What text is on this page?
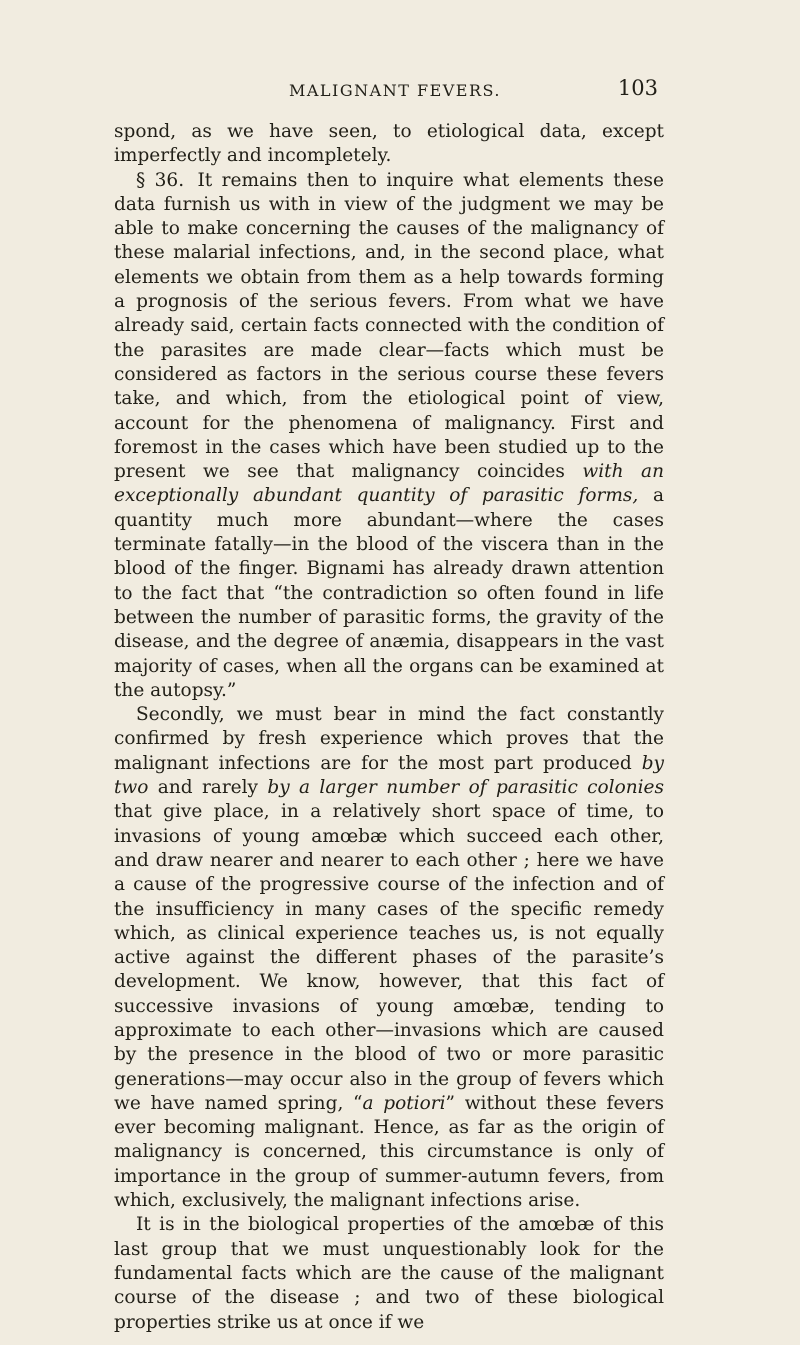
MALIGNANT FEVERS.	103

spond, as we have seen, to etiological data, except imperfectly and incompletely.

§ 36. It remains then to inquire what elements these data furnish us with in view of the judgment we may be able to make concerning the causes of the malignancy of these malarial infections, and, in the second place, what elements we obtain from them as a help towards forming a prognosis of the serious fevers. From what we have already said, certain facts connected with the condition of the parasites are made clear—facts which must be considered as factors in the serious course these fevers take, and which, from the etiological point of view, account for the phenomena of malignancy. First and foremost in the cases which have been studied up to the present we see that malignancy coincides with an exceptionally abundant quantity of parasitic forms, a quantity much more abundant—where the cases terminate fatally—in the blood of the viscera than in the blood of the finger. Bignami has already drawn attention to the fact that “the contradiction so often found in life between the number of parasitic forms, the gravity of the disease, and the degree of anæmia, disappears in the vast majority of cases, when all the organs can be examined at the autopsy.”

Secondly, we must bear in mind the fact constantly confirmed by fresh experience which proves that the malignant infections are for the most part produced by two and rarely by a larger number of parasitic colonies that give place, in a relatively short space of time, to invasions of young amœbæ which succeed each other, and draw nearer and nearer to each other ; here we have a cause of the progressive course of the infection and of the insufficiency in many cases of the specific remedy which, as clinical experience teaches us, is not equally active against the different phases of the parasite’s development. We know, however, that this fact of successive invasions of young amœbæ, tending to approximate to each other—invasions which are caused by the presence in the blood of two or more parasitic generations—may occur also in the group of fevers which we have named spring, “a potiori” without these fevers ever becoming malignant. Hence, as far as the origin of malignancy is concerned, this circumstance is only of importance in the group of summer-autumn fevers, from which, exclusively, the malignant infections arise.

It is in the biological properties of the amœbæ of this last group that we must unquestionably look for the fundamental facts which are the cause of the malignant course of the disease ; and two of these biological properties strike us at once if we
